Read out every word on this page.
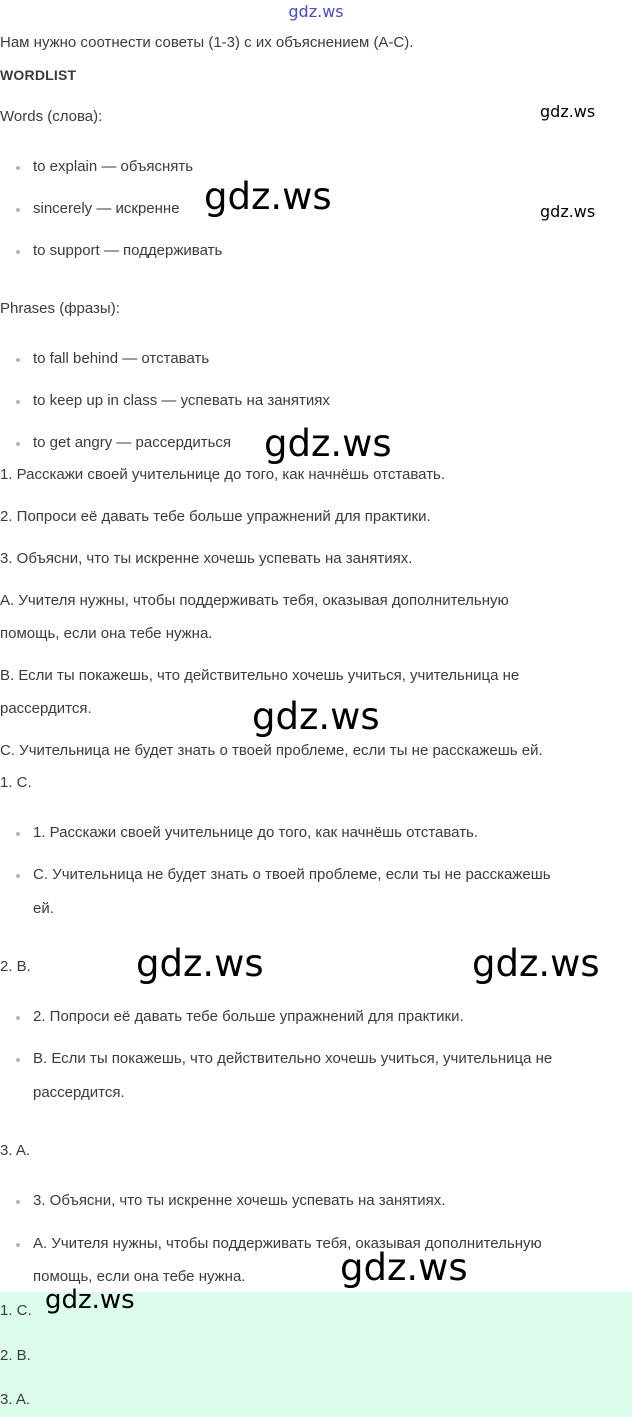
gdz.ws
Нам нужно соотнести советы (1-3) с их объяснением (A-C).
WORDLIST
Words (слова):
to explain — объяснять
sincerely — искренне
to support — поддерживать
Phrases (фразы):
to fall behind — отставать
to keep up in class — успевать на занятиях
to get angry — рассердиться
1. Расскажи своей учительнице до того, как начнёшь отставать.
2. Попроси её давать тебе больше упражнений для практики.
3. Объясни, что ты искренне хочешь успевать на занятиях.
A. Учителя нужны, чтобы поддерживать тебя, оказывая дополнительную
помощь, если она тебе нужна.
B. Если ты покажешь, что действительно хочешь учиться, учительница не
рассердится.
C. Учительница не будет знать о твоей проблеме, если ты не расскажешь ей.
1. C.
1. Расскажи своей учительнице до того, как начнёшь отставать.
C. Учительница не будет знать о твоей проблеме, если ты не расскажешь
ей.
2. B.
2. Попроси её давать тебе больше упражнений для практики.
B. Если ты покажешь, что действительно хочешь учиться, учительница не
рассердится.
3. A.
3. Объясни, что ты искренне хочешь успевать на занятиях.
A. Учителя нужны, чтобы поддерживать тебя, оказывая дополнительную
помощь, если она тебе нужна.
1. C.
2. B.
3. A.
gdz.ws
gdz.ws
gdz.ws
gdz.ws
gdz.ws
gdz.ws	gdz.ws
gdz.ws
gdz.ws
